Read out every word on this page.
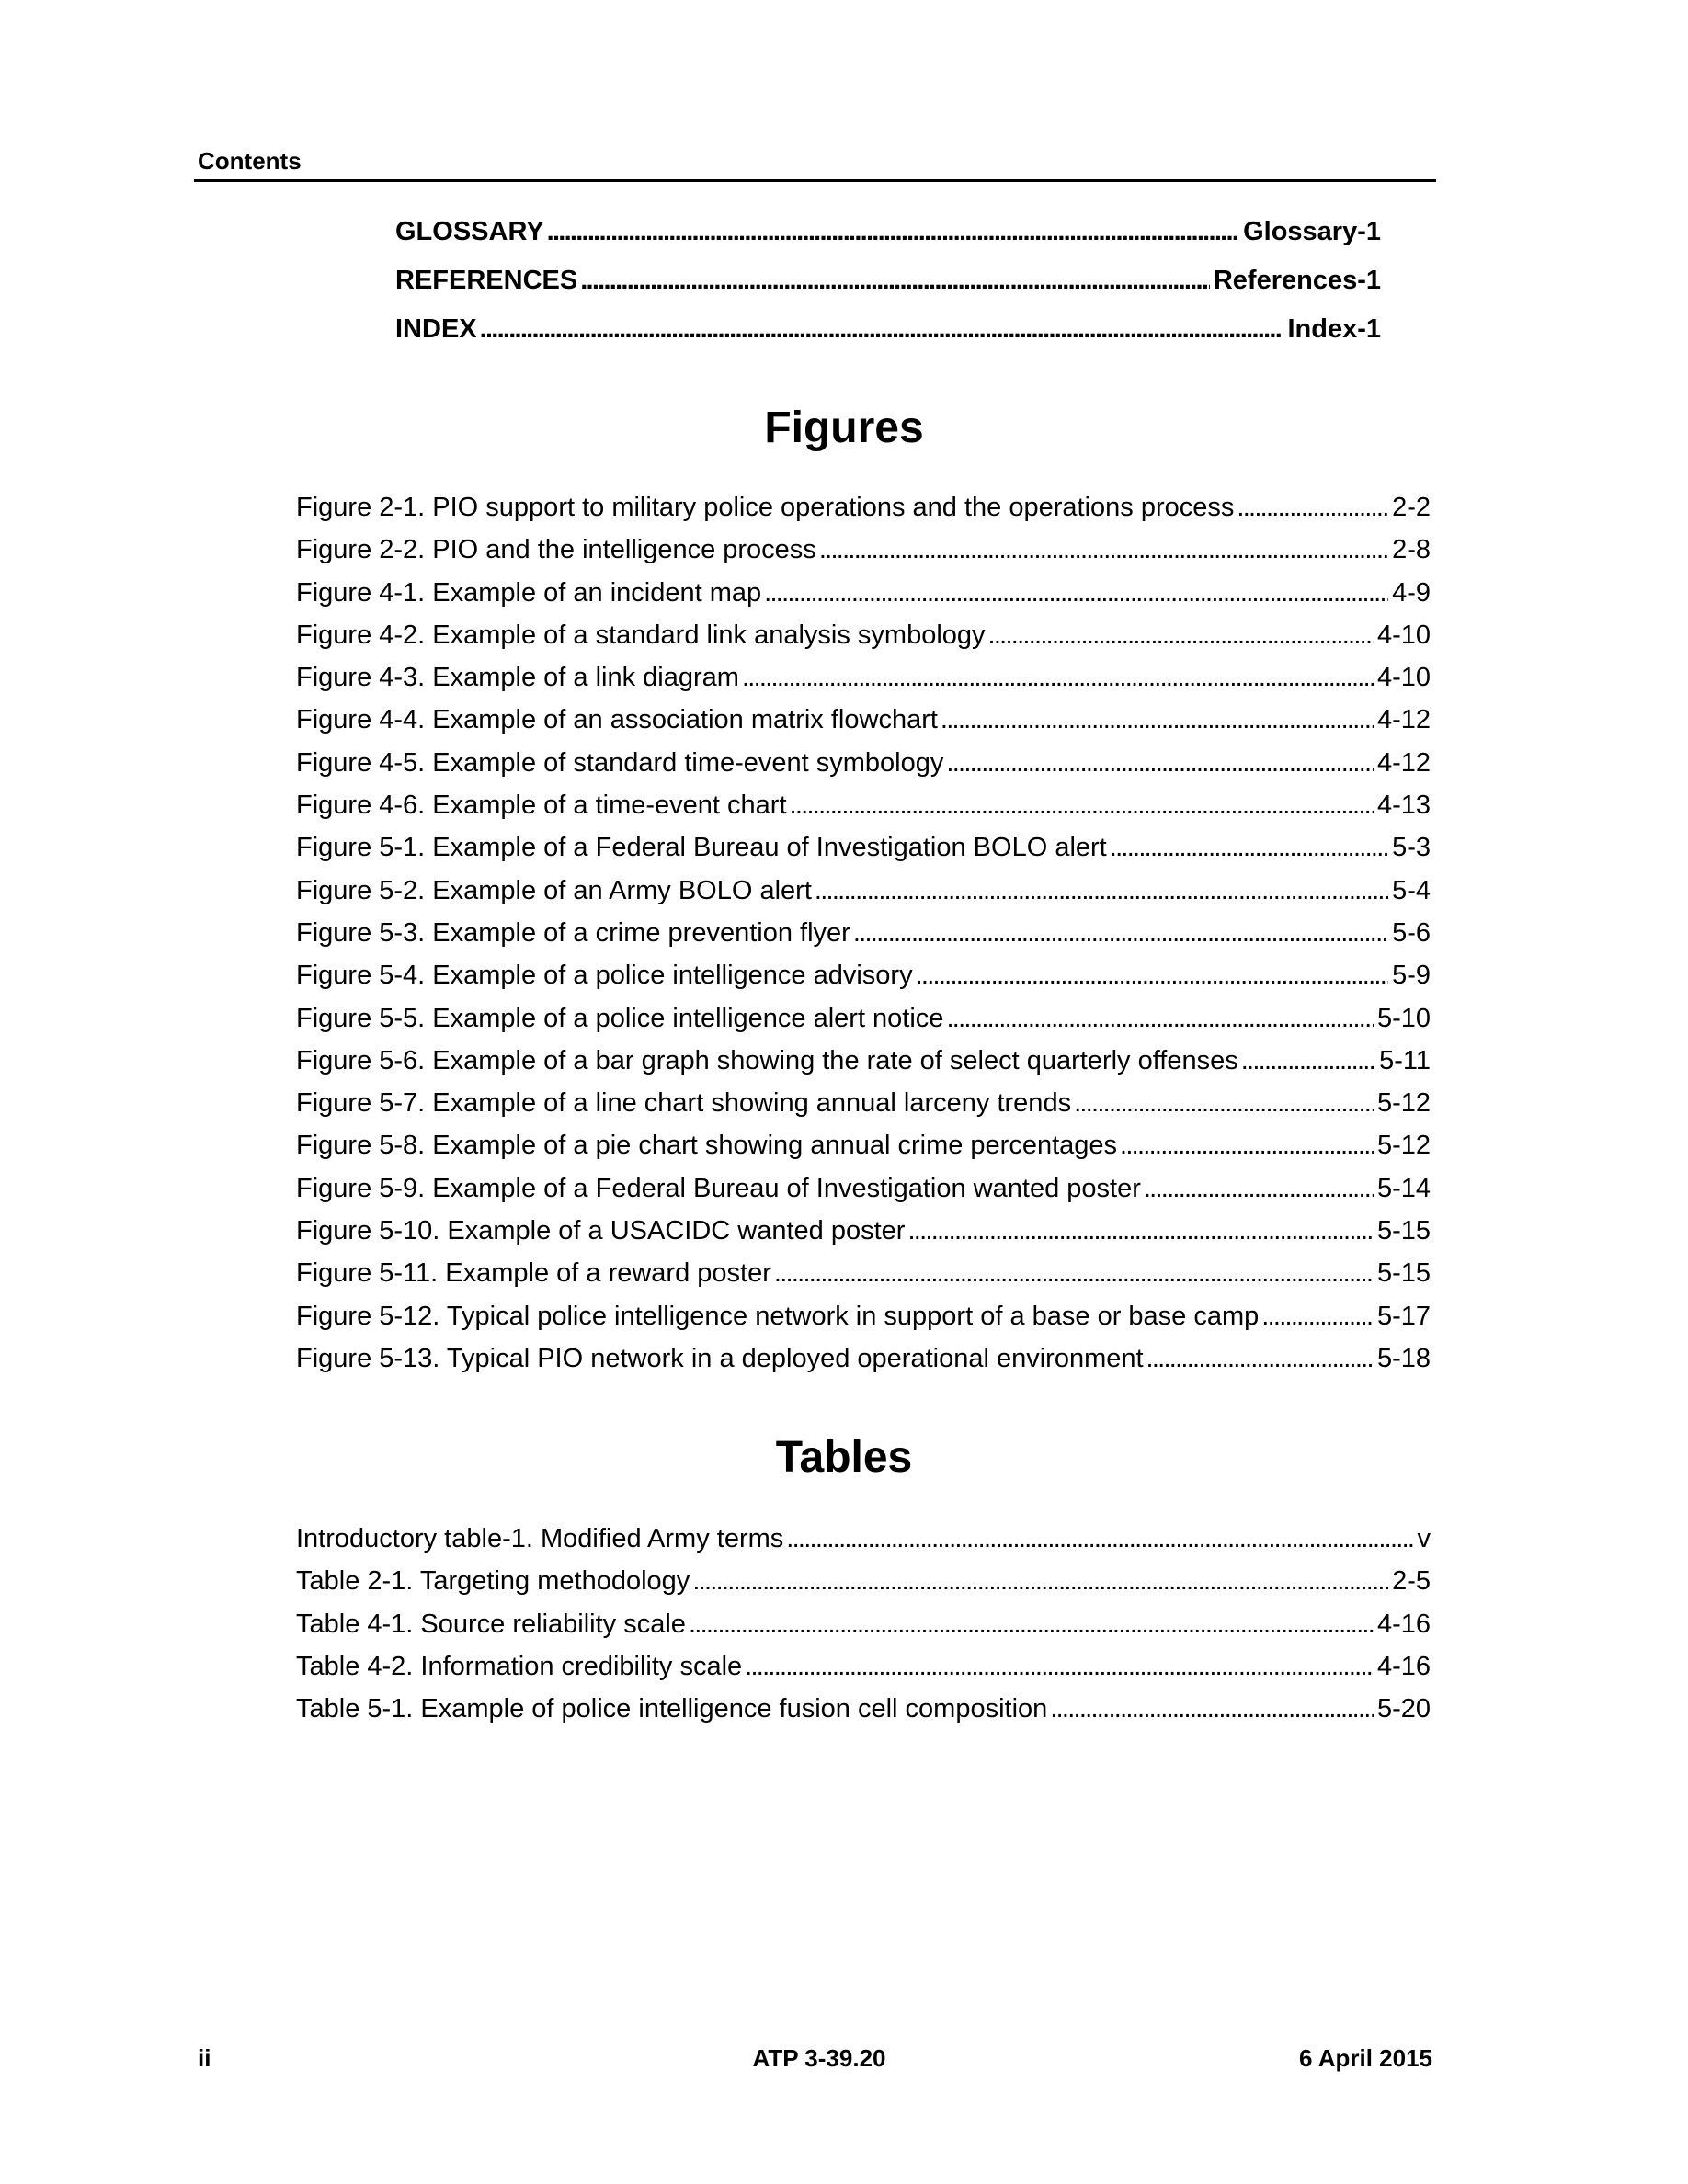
Contents
GLOSSARY . . .	Glossary-1
REFERENCES . . .	References-1
INDEX . . .	Index-1
Figures
Figure 2-1. PIO support to military police operations and the operations process . . .	2-2
Figure 2-2. PIO and the intelligence process . . .	2-8
Figure 4-1. Example of an incident map . . .	4-9
Figure 4-2. Example of a standard link analysis symbology . . .	4-10
Figure 4-3. Example of a link diagram . . .	4-10
Figure 4-4. Example of an association matrix flowchart . . .	4-12
Figure 4-5. Example of standard time-event symbology . . .	4-12
Figure 4-6. Example of a time-event chart . . .	4-13
Figure 5-1. Example of a Federal Bureau of Investigation BOLO alert . . .	5-3
Figure 5-2. Example of an Army BOLO alert . . .	5-4
Figure 5-3. Example of a crime prevention flyer . . .	5-6
Figure 5-4. Example of a police intelligence advisory . . .	5-9
Figure 5-5. Example of a police intelligence alert notice . . .	5-10
Figure 5-6. Example of a bar graph showing the rate of select quarterly offenses . . .	5-11
Figure 5-7. Example of a line chart showing annual larceny trends . . .	5-12
Figure 5-8. Example of a pie chart showing annual crime percentages . . .	5-12
Figure 5-9. Example of a Federal Bureau of Investigation wanted poster . . .	5-14
Figure 5-10. Example of a USACIDC wanted poster . . .	5-15
Figure 5-11. Example of a reward poster . . .	5-15
Figure 5-12. Typical police intelligence network in support of a base or base camp . . .	5-17
Figure 5-13. Typical PIO network in a deployed operational environment . . .	5-18
Tables
Introductory table-1. Modified Army terms . . .	v
Table 2-1. Targeting methodology . . .	2-5
Table 4-1. Source reliability scale . . .	4-16
Table 4-2. Information credibility scale . . .	4-16
Table 5-1. Example of police intelligence fusion cell composition . . .	5-20
ii	ATP 3-39.20	6 April 2015
